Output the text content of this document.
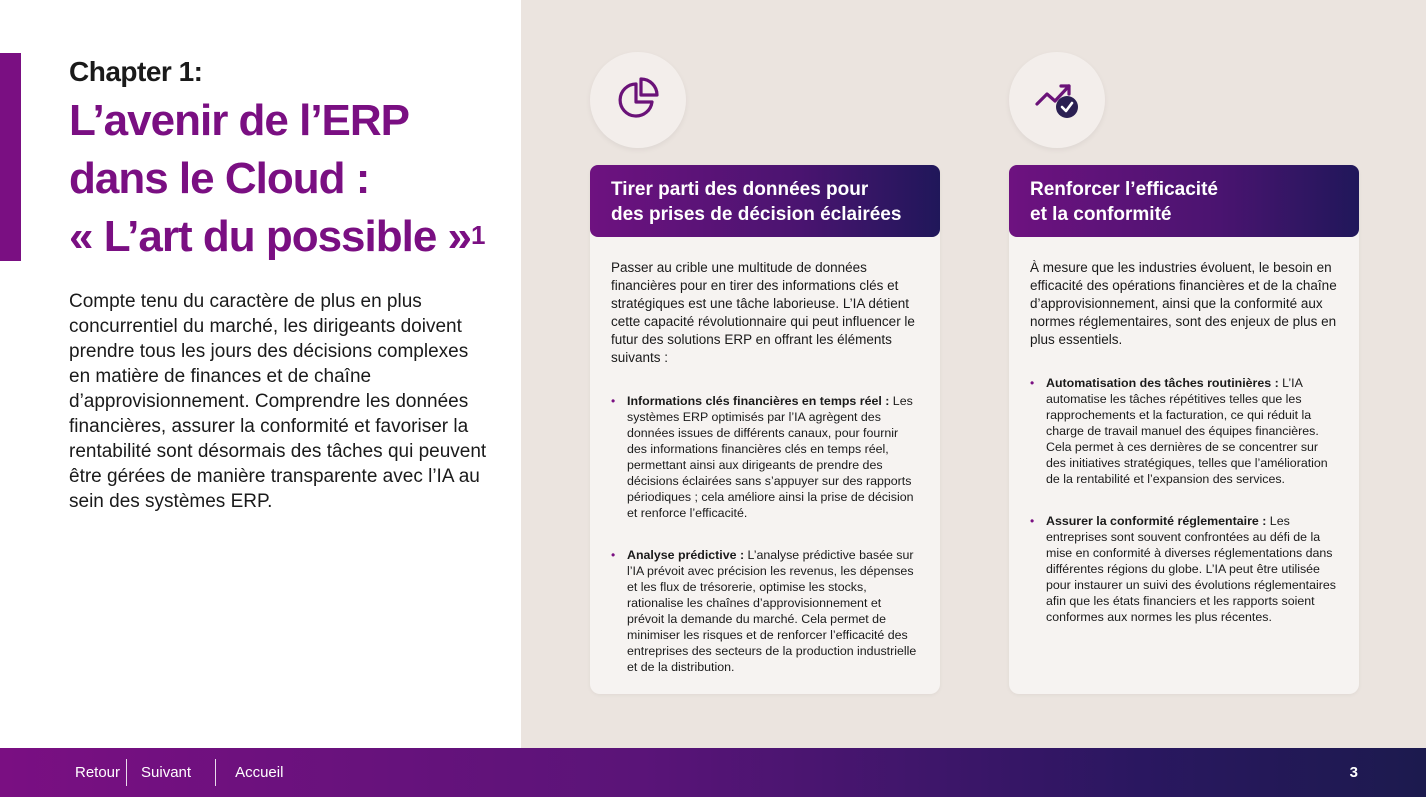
Chapter 1:
L’avenir de l’ERP
dans le Cloud :
« L’art du possible »$^1$

Compte tenu du caractère de plus en plus concurrentiel du marché, les dirigeants doivent prendre tous les jours des décisions complexes en matière de finances et de chaîne d’approvisionnement. Comprendre les données financières, assurer la conformité et favoriser la rentabilité sont désormais des tâches qui peuvent être gérées de manière transparente avec l’IA au sein des systèmes ERP.

Tirer parti des données pour
des prises de décision éclairées

Passer au crible une multitude de données financières pour en tirer des informations clés et stratégiques est une tâche laborieuse. L’IA détient cette capacité révolutionnaire qui peut influencer le futur des solutions ERP en offrant les éléments suivants :

• Informations clés financières en temps réel : Les systèmes ERP optimisés par l’IA agrègent des données issues de différents canaux, pour fournir des informations financières clés en temps réel, permettant ainsi aux dirigeants de prendre des décisions éclairées sans s’appuyer sur des rapports périodiques ; cela améliore ainsi la prise de décision et renforce l’efficacité.
• Analyse prédictive : L’analyse prédictive basée sur l’IA prévoit avec précision les revenus, les dépenses et les flux de trésorerie, optimise les stocks, rationalise les chaînes d’approvisionnement et prévoit la demande du marché. Cela permet de minimiser les risques et de renforcer l’efficacité des entreprises des secteurs de la production industrielle et de la distribution.
Renforcer l’efficacité
et la conformité

À mesure que les industries évoluent, le besoin en efficacité des opérations financières et de la chaîne d’approvisionnement, ainsi que la conformité aux normes réglementaires, sont des enjeux de plus en plus essentiels.

• Automatisation des tâches routinières : L’IA automatise les tâches répétitives telles que les rapprochements et la facturation, ce qui réduit la charge de travail manuel des équipes financières. Cela permet à ces dernières de se concentrer sur des initiatives stratégiques, telles que l’amélioration de la rentabilité et l’expansion des services.
• Assurer la conformité réglementaire : Les entreprises sont souvent confrontées au défi de la mise en conformité à diverses réglementations dans différentes régions du globe. L’IA peut être utilisée pour instaurer un suivi des évolutions réglementaires afin que les états financiers et les rapports soient conformes aux normes les plus récentes.
Retour Suivant	Accueil	3
